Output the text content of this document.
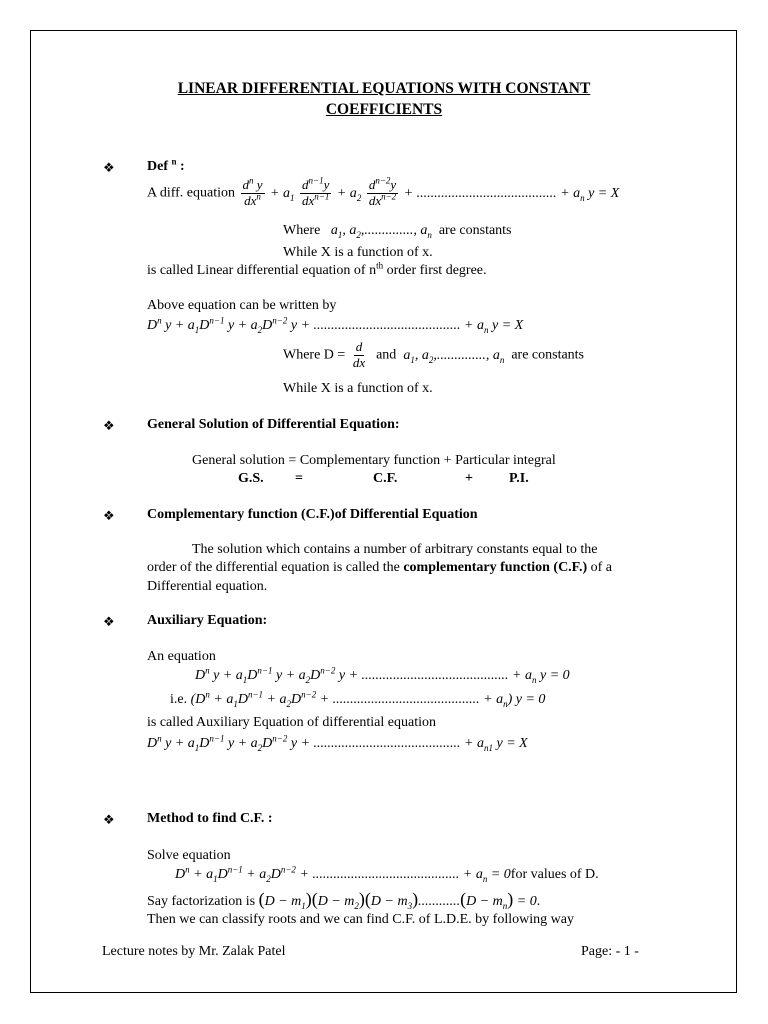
LINEAR DIFFERENTIAL EQUATIONS WITH CONSTANT
COEFFICIENTS
❖ Def $^n$ :
A diff. equation $\frac{d^n y}{dx^n} + a_1 \frac{d^{n-1}y}{dx^{n-1}} + a_2 \frac{d^{n-2}y}{dx^{n-2}}$ + ........................................ + $a_n$ y = X
Where $a_1$, $a_2$,.............., $a_n$ are constants
While X is a function of x.
is called Linear differential equation of $n^{th}$ order first degree.
Above equation can be written by
$D^n$ $y + a_1D^{n-1}$ $y + a_2D^{n-2}$ y + .......................................... + $a_n$ y = X
Where $D = \frac{d}{dx}$ and $a_1$, $a_2$,.............., $a_n$ are constants
While X is a function of x.
❖ General Solution of Differential Equation:
General solution = Complementary function + Particular integral
G.S. =	C.F.	+	P.I.
❖ Complementary function (C.F.)of Differential Equation
The solution which contains a number of arbitrary constants equal to the order of the differential equation is called the complementary function (C.F.) of a Differential equation.
❖ Auxiliary Equation:
An equation
$D^n$ $y + a_1D^{n-1}$ $y + a_2D^{n-2}$ y + .......................................... + $a_n$ y = 0
i.e. ($D^n + a_1D^{n-1} + a_2D^{n-2}$ + .......................................... + $a_n$) y = 0
is called Auxiliary Equation of differential equation
$D^n$ $y + a_1D^{n-1}$ $y + a_2D^{n-2}$ y + .......................................... + $a_{n1}$ y = X
❖ Method to find C.F. :
Solve equation
$D^n + a_1D^{n-1} + a_2D^{n-2}$ + .......................................... + $a_n = 0for$ values of D.
Say factorization is $(D - m_1)(D - m_2)(D - m_3)............(D - m_n) = 0$.
Then we can classify roots and we can find C.F. of L.D.E. by following way
Lecture notes by Mr. Zalak Patel	Page: - 1 -
